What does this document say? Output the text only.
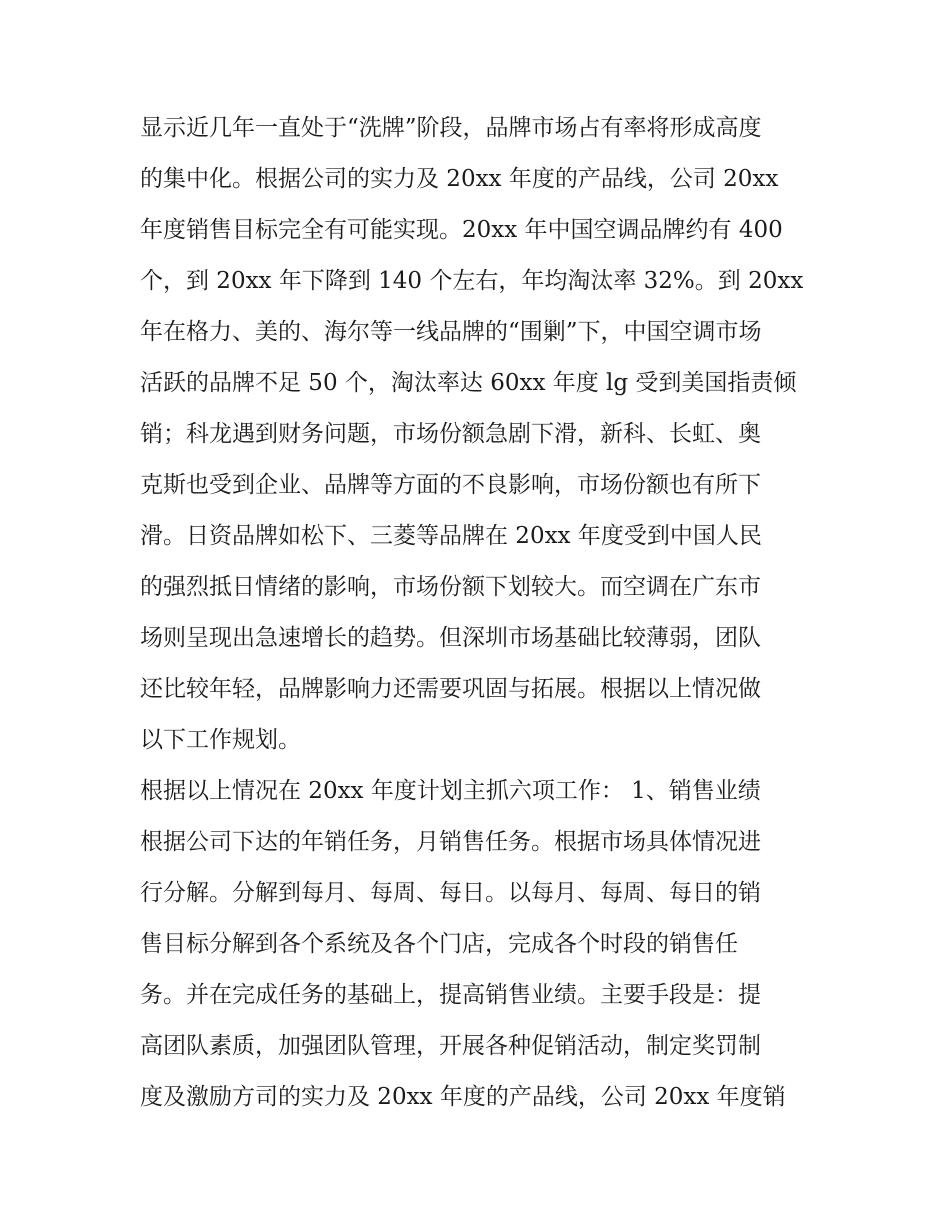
显示近几年一直处于“洗牌”阶段，品牌市场占有率将形成高度
的集中化。根据公司的实力及 20xx 年度的产品线，公司 20xx
年度销售目标完全有可能实现。20xx 年中国空调品牌约有 400
个，到 20xx 年下降到 140 个左右，年均淘汰率 32%。到 20xx
年在格力、美的、海尔等一线品牌的“围剿”下，中国空调市场
活跃的品牌不足 50 个，淘汰率达 60xx 年度 lg 受到美国指责倾
销；科龙遇到财务问题，市场份额急剧下滑，新科、长虹、奥
克斯也受到企业、品牌等方面的不良影响，市场份额也有所下
滑。日资品牌如松下、三菱等品牌在 20xx 年度受到中国人民
的强烈抵日情绪的影响，市场份额下划较大。而空调在广东市
场则呈现出急速增长的趋势。但深圳市场基础比较薄弱，团队
还比较年轻，品牌影响力还需要巩固与拓展。根据以上情况做
以下工作规划。
根据以上情况在 20xx 年度计划主抓六项工作： 1、销售业绩
根据公司下达的年销任务，月销售任务。根据市场具体情况进
行分解。分解到每月、每周、每日。以每月、每周、每日的销
售目标分解到各个系统及各个门店，完成各个时段的销售任
务。并在完成任务的基础上，提高销售业绩。主要手段是：提
高团队素质，加强团队管理，开展各种促销活动，制定奖罚制
度及激励方司的实力及 20xx 年度的产品线，公司 20xx 年度销
